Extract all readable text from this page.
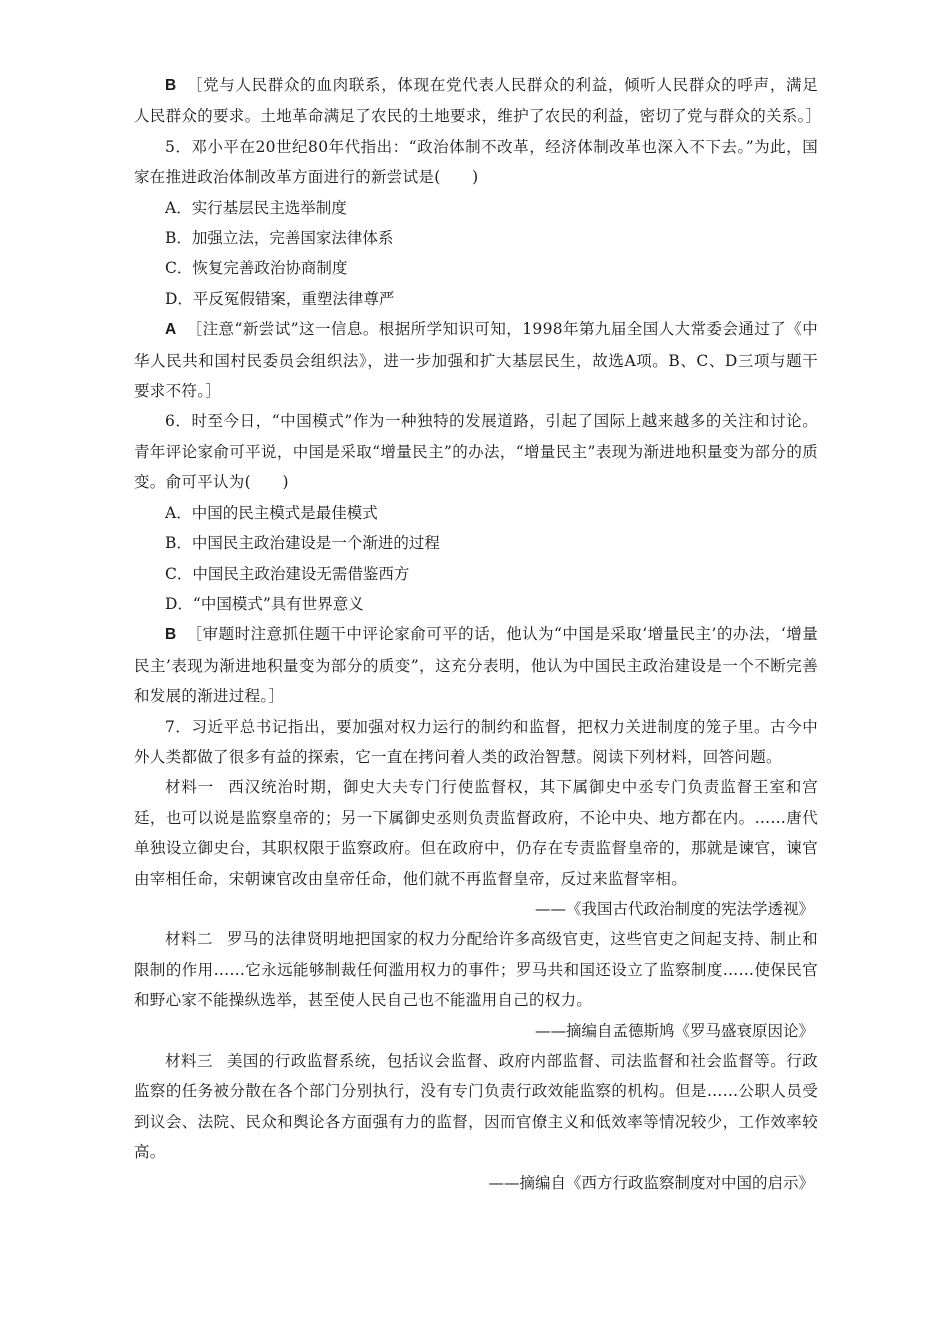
B ［党与人民群众的血肉联系，体现在党代表人民群众的利益，倾听人民群众的呼声，满足人民群众的要求。土地革命满足了农民的土地要求，维护了农民的利益，密切了党与群众的关系。］

5．邓小平在20世纪80年代指出：“政治体制不改革，经济体制改革也深入不下去。”为此，国家在推进政治体制改革方面进行的新尝试是(　　)

A．实行基层民主选举制度

B．加强立法，完善国家法律体系

C．恢复完善政治协商制度

D．平反冤假错案，重塑法律尊严

A ［注意“新尝试”这一信息。根据所学知识可知，1998年第九届全国人大常委会通过了《中华人民共和国村民委员会组织法》，进一步加强和扩大基层民生，故选A项。B、C、D三项与题干要求不符。］

6．时至今日，“中国模式”作为一种独特的发展道路，引起了国际上越来越多的关注和讨论。青年评论家俞可平说，中国是采取“增量民主”的办法，“增量民主”表现为渐进地积量变为部分的质变。俞可平认为(　　)

A．中国的民主模式是最佳模式

B．中国民主政治建设是一个渐进的过程

C．中国民主政治建设无需借鉴西方

D．“中国模式”具有世界意义

B ［审题时注意抓住题干中评论家俞可平的话，他认为“中国是采取‘增量民主’的办法，‘增量民主’表现为渐进地积量变为部分的质变”，这充分表明，他认为中国民主政治建设是一个不断完善和发展的渐进过程。］

7．习近平总书记指出，要加强对权力运行的制约和监督，把权力关进制度的笼子里。古今中外人类都做了很多有益的探索，它一直在拷问着人类的政治智慧。阅读下列材料，回答问题。

材料一 西汉统治时期，御史大夫专门行使监督权，其下属御史中丞专门负责监督王室和宫廷，也可以说是监察皇帝的；另一下属御史丞则负责监督政府，不论中央、地方都在内。……唐代单独设立御史台，其职权限于监察政府。但在政府中，仍存在专责监督皇帝的，那就是谏官，谏官由宰相任命，宋朝谏官改由皇帝任命，他们就不再监督皇帝，反过来监督宰相。

——《我国古代政治制度的宪法学透视》

材料二 罗马的法律贤明地把国家的权力分配给许多高级官吏，这些官吏之间起支持、制止和限制的作用……它永远能够制裁任何滥用权力的事件；罗马共和国还设立了监察制度……使保民官和野心家不能操纵选举，甚至使人民自己也不能滥用自己的权力。

——摘编自孟德斯鸠《罗马盛衰原因论》

材料三 美国的行政监督系统，包括议会监督、政府内部监督、司法监督和社会监督等。行政监察的任务被分散在各个部门分别执行，没有专门负责行政效能监察的机构。但是……公职人员受到议会、法院、民众和舆论各方面强有力的监督，因而官僚主义和低效率等情况较少，工作效率较高。

——摘编自《西方行政监察制度对中国的启示》
